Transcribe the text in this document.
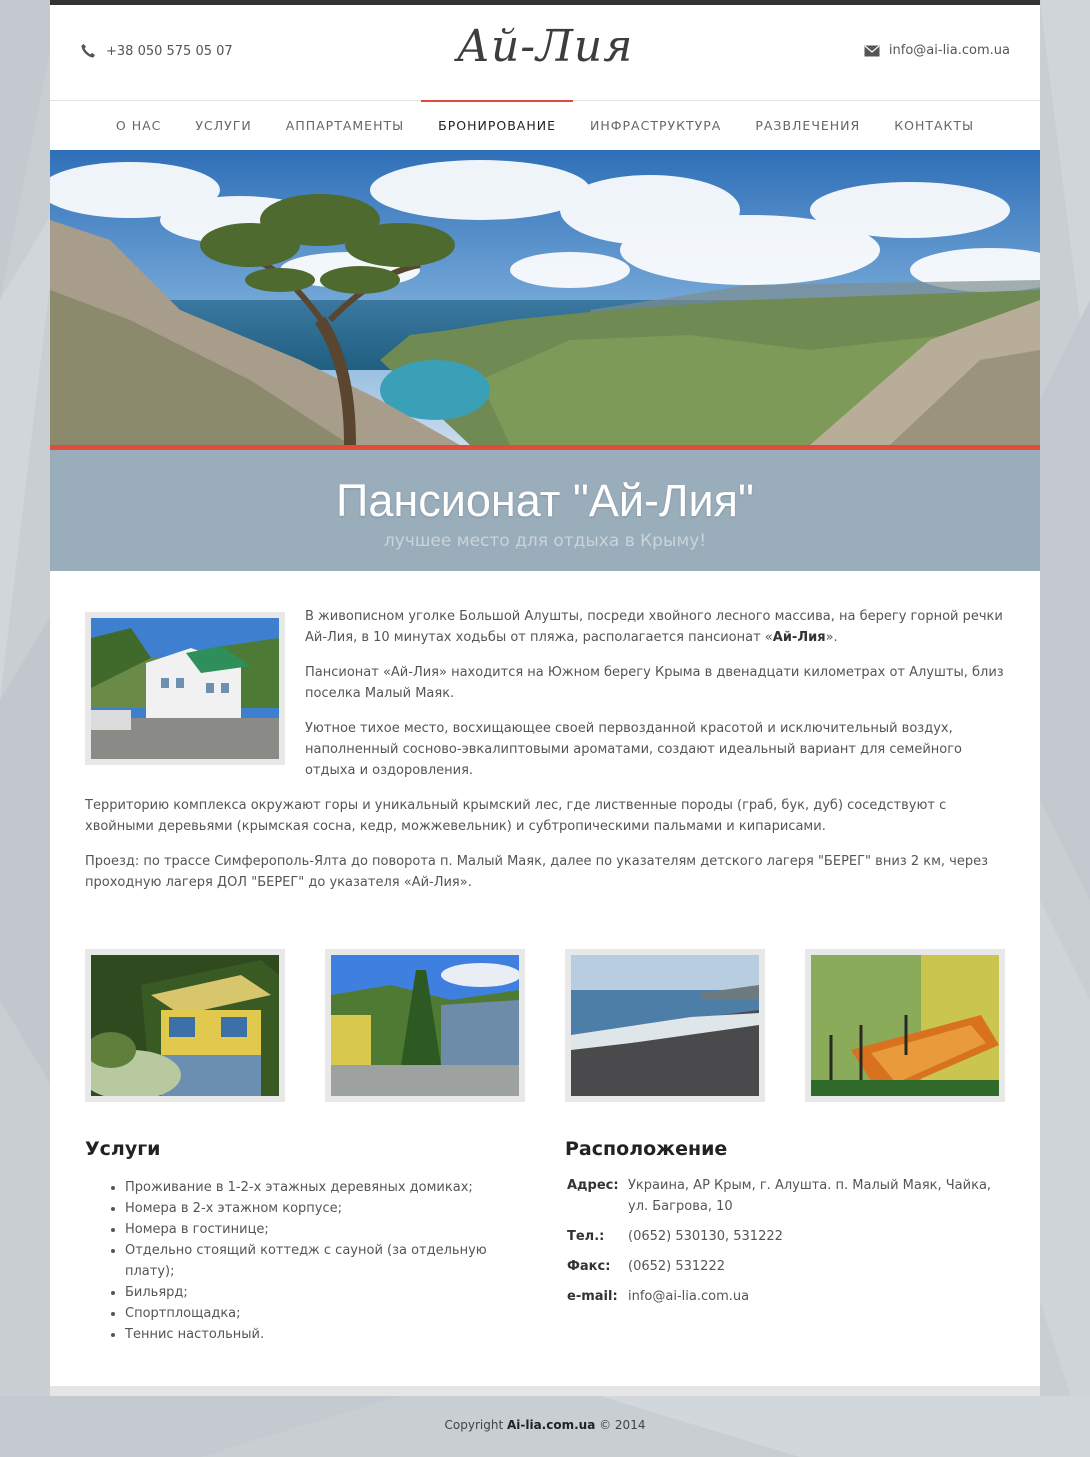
+38 050 575 05 07	Ай-Лия	info@ai-lia.com.ua
О НАС	УСЛУГИ	АППАРТАМЕНТЫ	БРОНИРОВАНИЕ	ИНФРАСТРУКТУРА	РАЗВЛЕЧЕНИЯ	КОНТАКТЫ
Пансионат "Ай-Лия"

лучшее место для отдыха в Крыму!

В живописном уголке Большой Алушты, посреди хвойного лесного массива, на берегу горной речки Ай-Лия, в 10 минутах ходьбы от пляжа, располагается пансионат «Ай-Лия».

Пансионат «Ай-Лия» находится на Южном берегу Крыма в двенадцати километрах от Алушты, близ поселка Малый Маяк.

Уютное тихое место, восхищающее своей первозданной красотой и исключительный воздух, наполненный сосново-эвкалиптовыми ароматами, создают идеальный вариант для семейного отдыха и оздоровления.

Территорию комплекса окружают горы и уникальный крымский лес, где лиственные породы (граб, бук, дуб) соседствуют с хвойными деревьями (крымская сосна, кедр, можжевельник) и субтропическими пальмами и кипарисами.

Проезд: по трассе Симферополь-Ялта до поворота п. Малый Маяк, далее по указателям детского лагеря "БЕРЕГ" вниз 2 км, через проходную лагеря ДОЛ "БЕРЕГ" до указателя «Ай-Лия».

Услуги
• Проживание в 1-2-х этажных деревяных домиках;
• Номера в 2-х этажном корпусе;
• Номера в гостинице;
• Отдельно стоящий коттедж с сауной (за отдельную плату);
• Бильярд;
• Спортплощадка;
• Теннис настольный.
Расположение
Адрес: Украина, АР Крым, г. Алушта. п. Малый Маяк, Чайка, ул. Багрова, 10
Тел.:	(0652) 530130, 531222
Факс:	(0652) 531222
e-mail: info@ai-lia.com.ua
Copyright Ai-lia.com.ua © 2014
